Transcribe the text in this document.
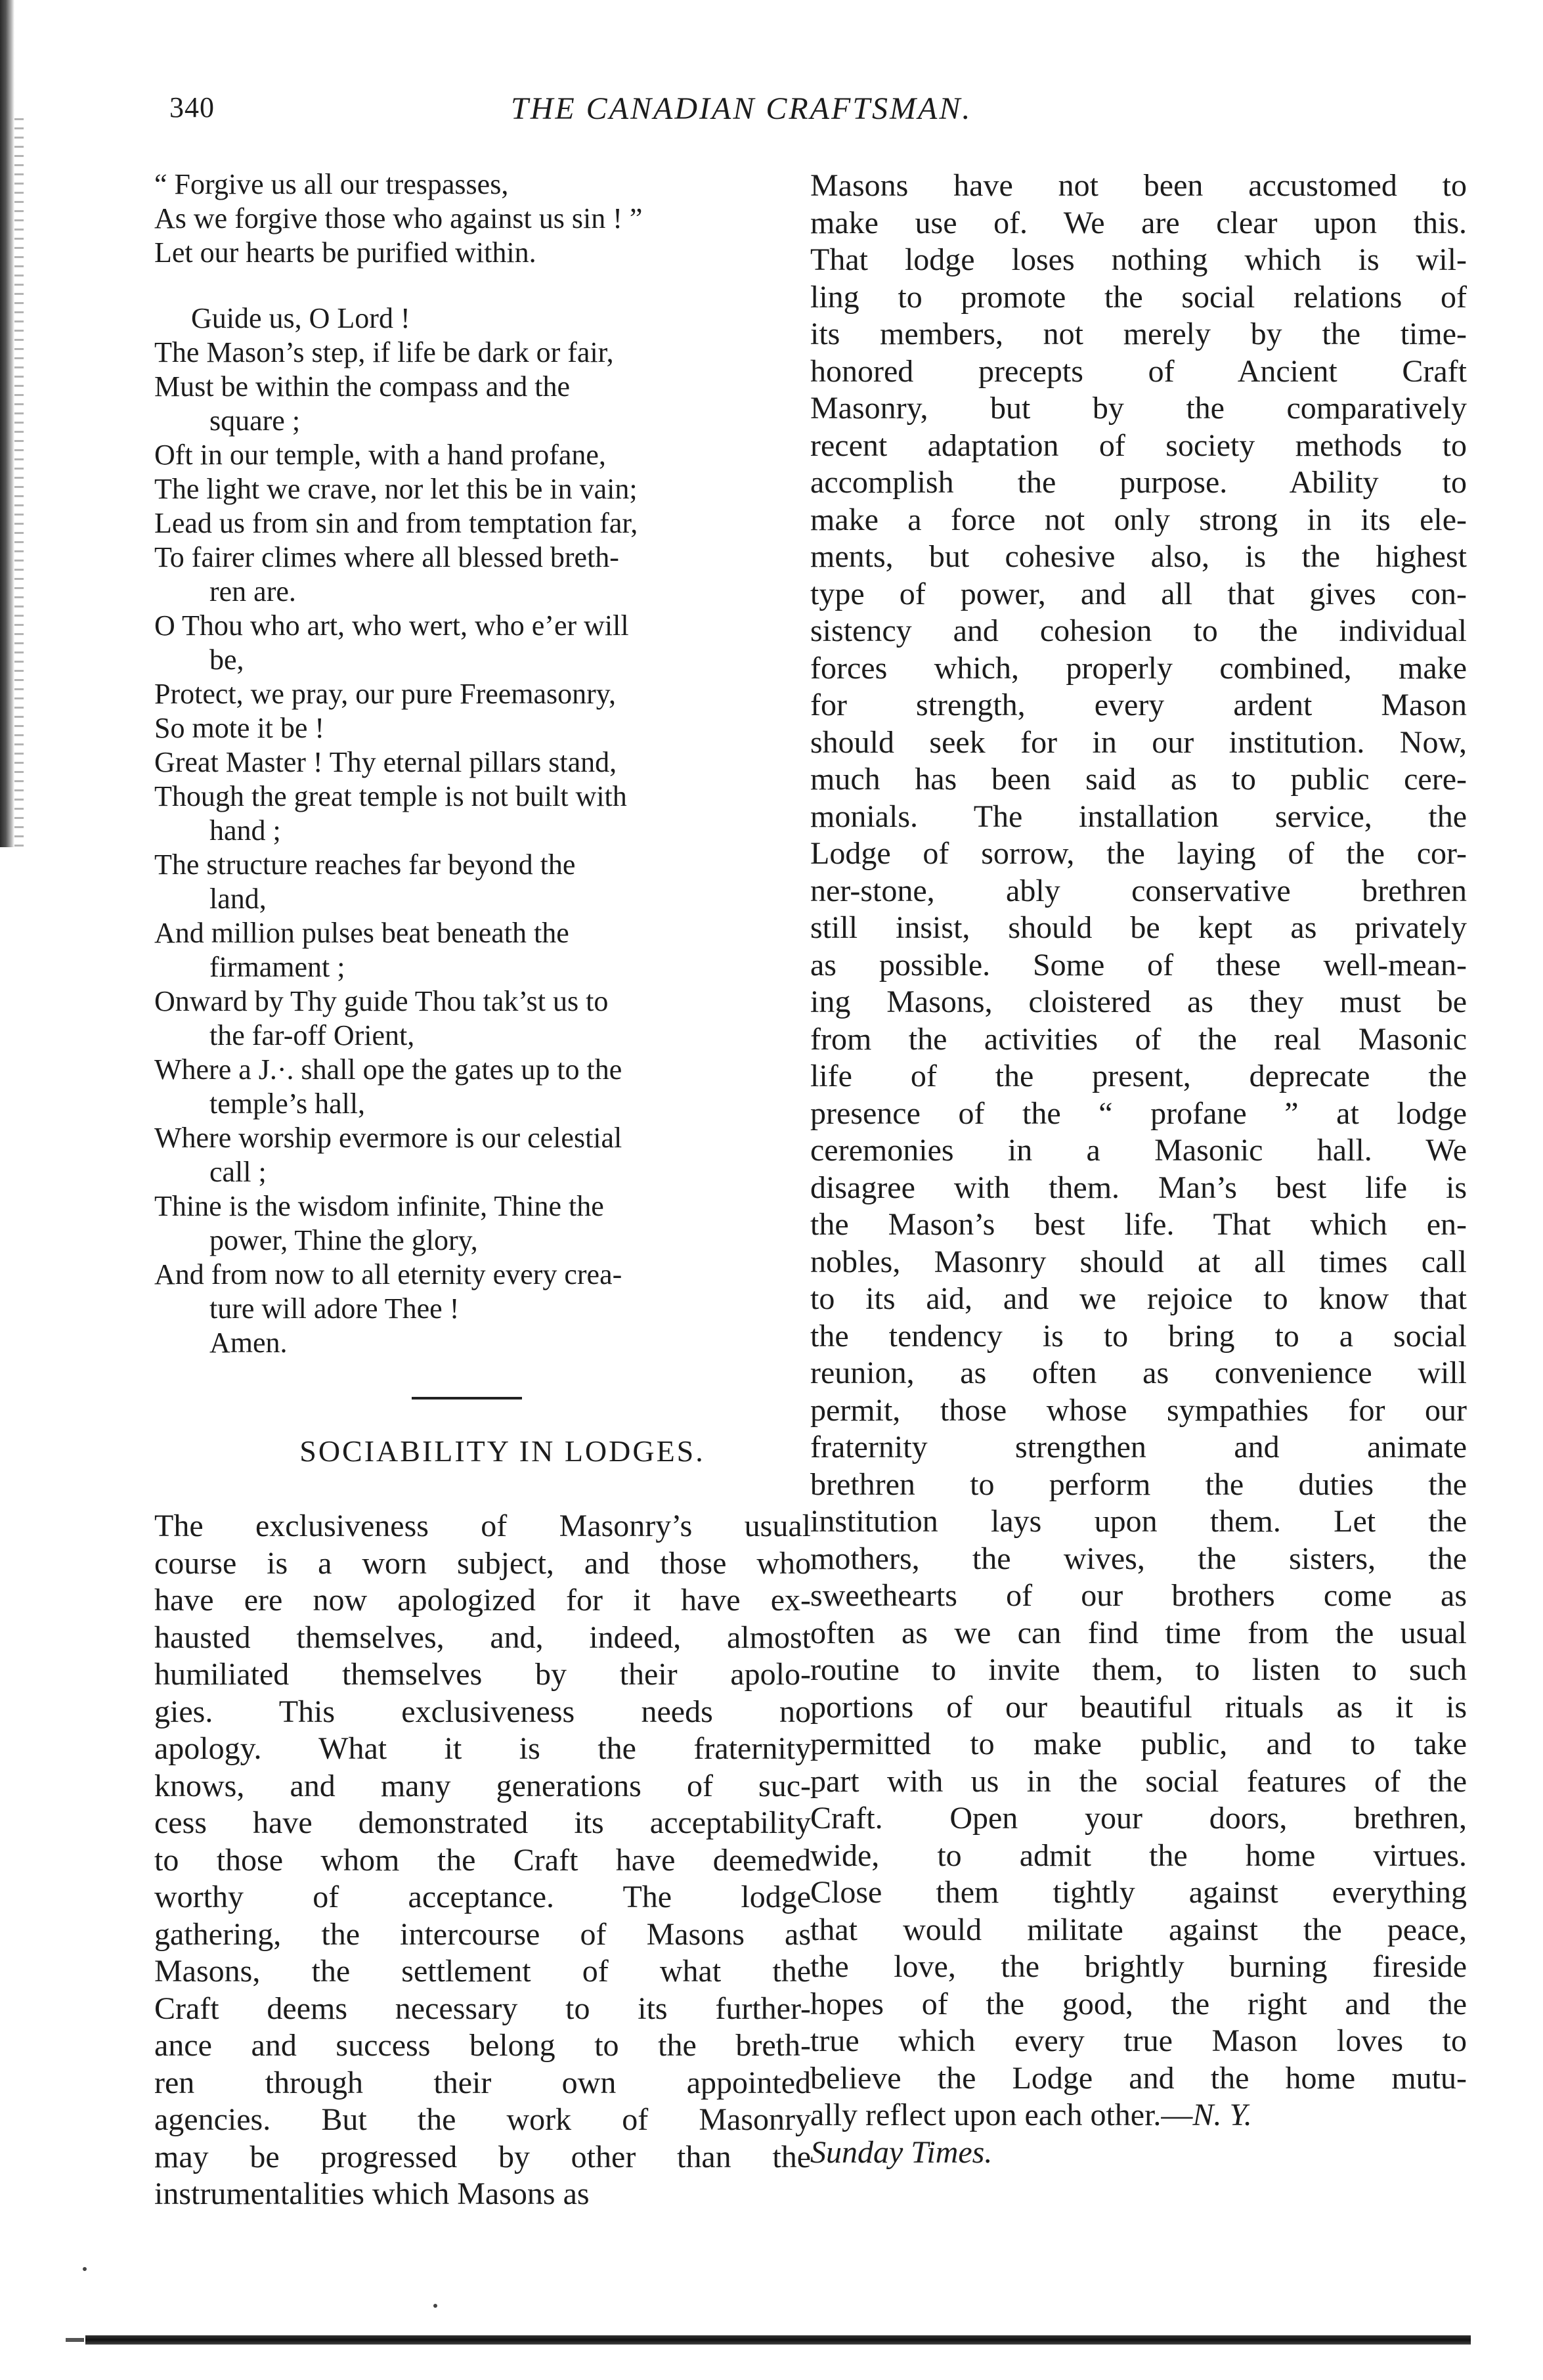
340	THE CANADIAN CRAFTSMAN.
“ Forgive us all our trespasses,
As we forgive those who against us sin ! ”
Let our hearts be purified within.
Guide us, O Lord !
The Mason’s step, if life be dark or fair,
Must be within the compass and the
square ;
Oft in our temple, with a hand profane,
The light we crave, nor let this be in vain;
Lead us from sin and from temptation far,
To fairer climes where all blessed breth-
ren are.
O Thou who art, who wert, who e’er will
be,
Protect, we pray, our pure Freemasonry,
So mote it be !
Great Master ! Thy eternal pillars stand,
Though the great temple is not built with
hand ;
The structure reaches far beyond the
land,
And million pulses beat beneath the
firmament ;
Onward by Thy guide Thou tak’st us to
the far-off Orient,
Where a J.·. shall ope the gates up to the
temple’s hall,
Where worship evermore is our celestial
call ;
Thine is the wisdom infinite, Thine the
power, Thine the glory,
And from now to all eternity every crea-
ture will adore Thee !
Amen.
SOCIABILITY IN LODGES.
The exclusiveness of Masonry’s usual
course is a worn subject, and those who
have ere now apologized for it have ex-
hausted themselves, and, indeed, almost
humiliated themselves by their apolo-
gies. This exclusiveness needs no
apology. What it is the fraternity
knows, and many generations of suc-
cess have demonstrated its acceptability
to those whom the Craft have deemed
worthy of acceptance. The lodge
gathering, the intercourse of Masons as
Masons, the settlement of what the
Craft deems necessary to its further-
ance and success belong to the breth-
ren through their own appointed
agencies. But the work of Masonry
may be progressed by other than the
instrumentalities which Masons as
Masons have not been accustomed to
make use of. We are clear upon this.
That lodge loses nothing which is wil-
ling to promote the social relations of
its members, not merely by the time-
honored precepts of Ancient Craft
Masonry, but by the comparatively
recent adaptation of society methods to
accomplish the purpose. Ability to
make a force not only strong in its ele-
ments, but cohesive also, is the highest
type of power, and all that gives con-
sistency and cohesion to the individual
forces which, properly combined, make
for strength, every ardent Mason
should seek for in our institution. Now,
much has been said as to public cere-
monials. The installation service, the
Lodge of sorrow, the laying of the cor-
ner-stone, ably conservative brethren
still insist, should be kept as privately
as possible. Some of these well-mean-
ing Masons, cloistered as they must be
from the activities of the real Masonic
life of the present, deprecate the
presence of the “ profane ” at lodge
ceremonies in a Masonic hall. We
disagree with them. Man’s best life is
the Mason’s best life. That which en-
nobles, Masonry should at all times call
to its aid, and we rejoice to know that
the tendency is to bring to a social
reunion, as often as convenience will
permit, those whose sympathies for our
fraternity strengthen and animate
brethren to perform the duties the
institution lays upon them. Let the
mothers, the wives, the sisters, the
sweethearts of our brothers come as
often as we can find time from the usual
routine to invite them, to listen to such
portions of our beautiful rituals as it is
permitted to make public, and to take
part with us in the social features of the
Craft. Open your doors, brethren,
wide, to admit the home virtues.
Close them tightly against everything
that would militate against the peace,
the love, the brightly burning fireside
hopes of the good, the right and the
true which every true Mason loves to
believe the Lodge and the home mutu-
ally reflect upon each other.—N. Y.
Sunday Times.
